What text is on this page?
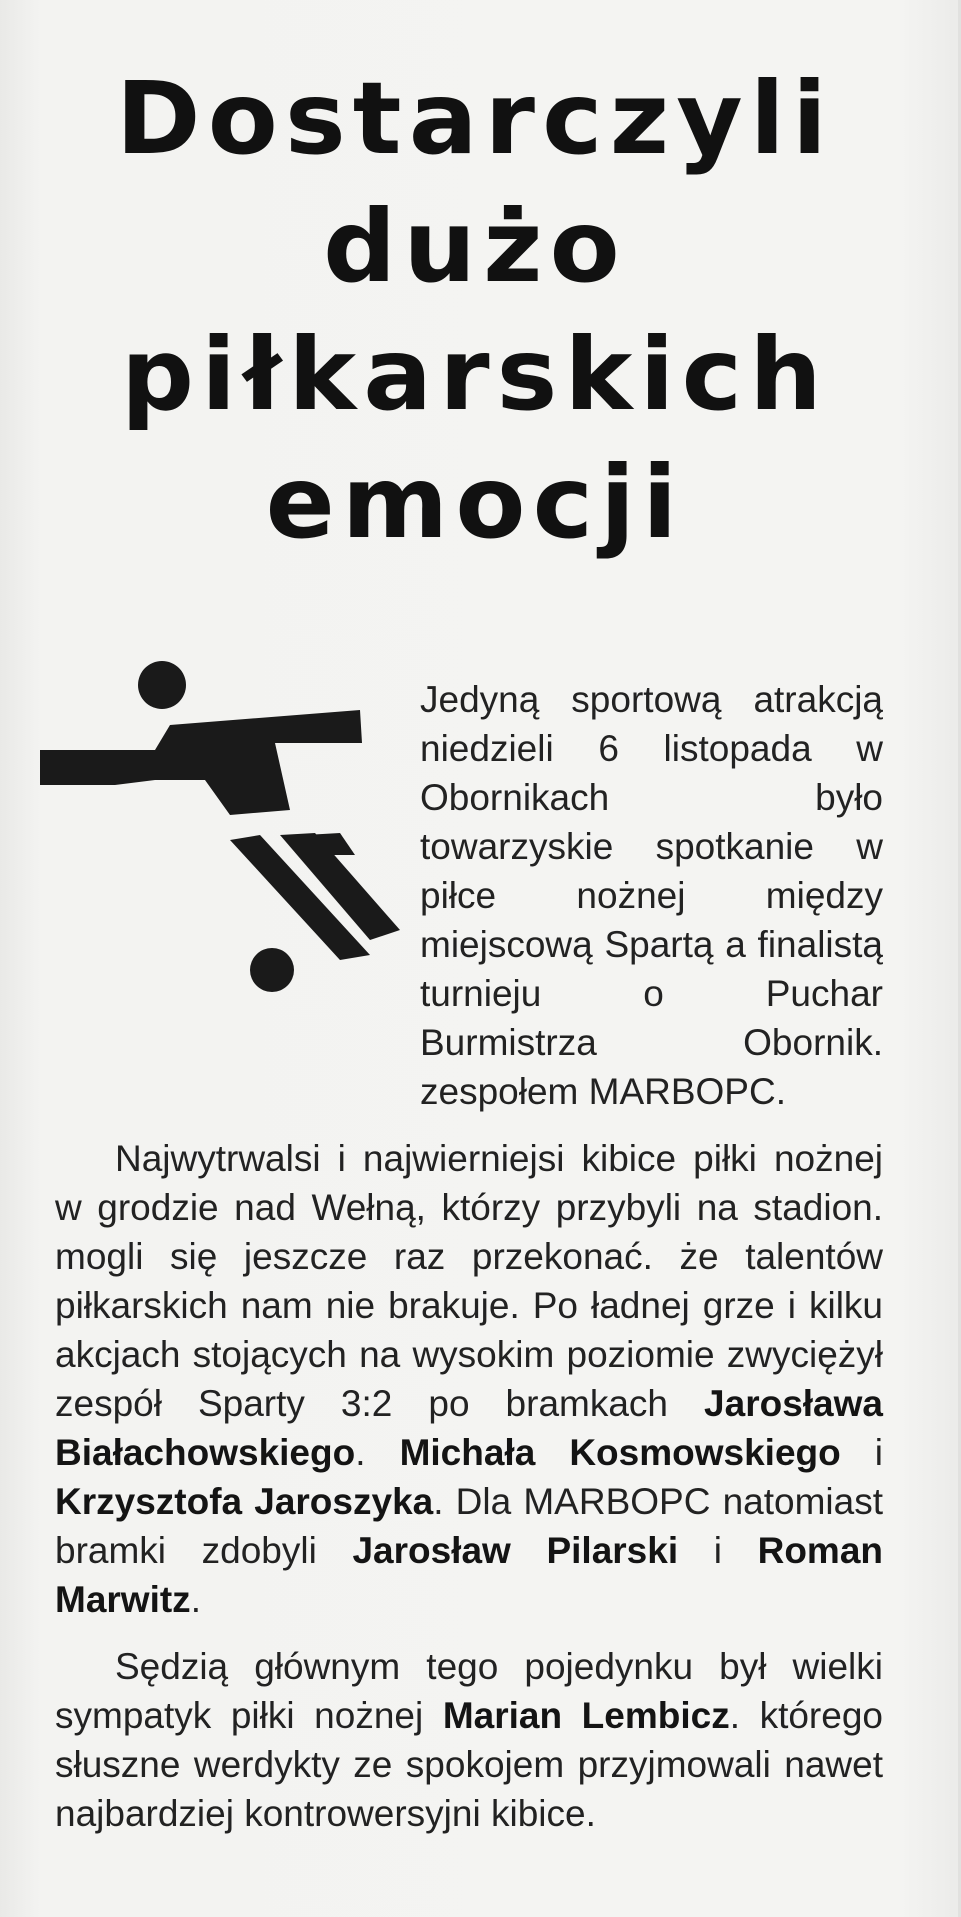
Dostarczyli
dużo
piłkarskich
emocji

Jedyną sportową atrakcją niedzieli 6 listopada w Obornikach było towarzyskie spotkanie w piłce nożnej między miejscową Spartą a finalistą turnieju o Puchar Burmistrza Obornik. zespołem MARBOPC.

Najwytrwalsi i najwierniejsi kibice piłki nożnej w grodzie nad Wełną, którzy przybyli na stadion. mogli się jeszcze raz przekonać. że talentów piłkarskich nam nie brakuje. Po ładnej grze i kilku akcjach stojących na wysokim poziomie zwyciężył zespół Sparty 3:2 po bramkach Jarosława Białachowskiego. Michała Kosmowskiego i Krzysztofa Jaroszyka. Dla MARBOPC natomiast bramki zdobyli Jarosław Pilarski i Roman Marwitz.

Sędzią głównym tego pojedynku był wielki sympatyk piłki nożnej Marian Lembicz. którego słuszne werdykty ze spokojem przyjmowali nawet najbardziej kontrowersyjni kibice.
